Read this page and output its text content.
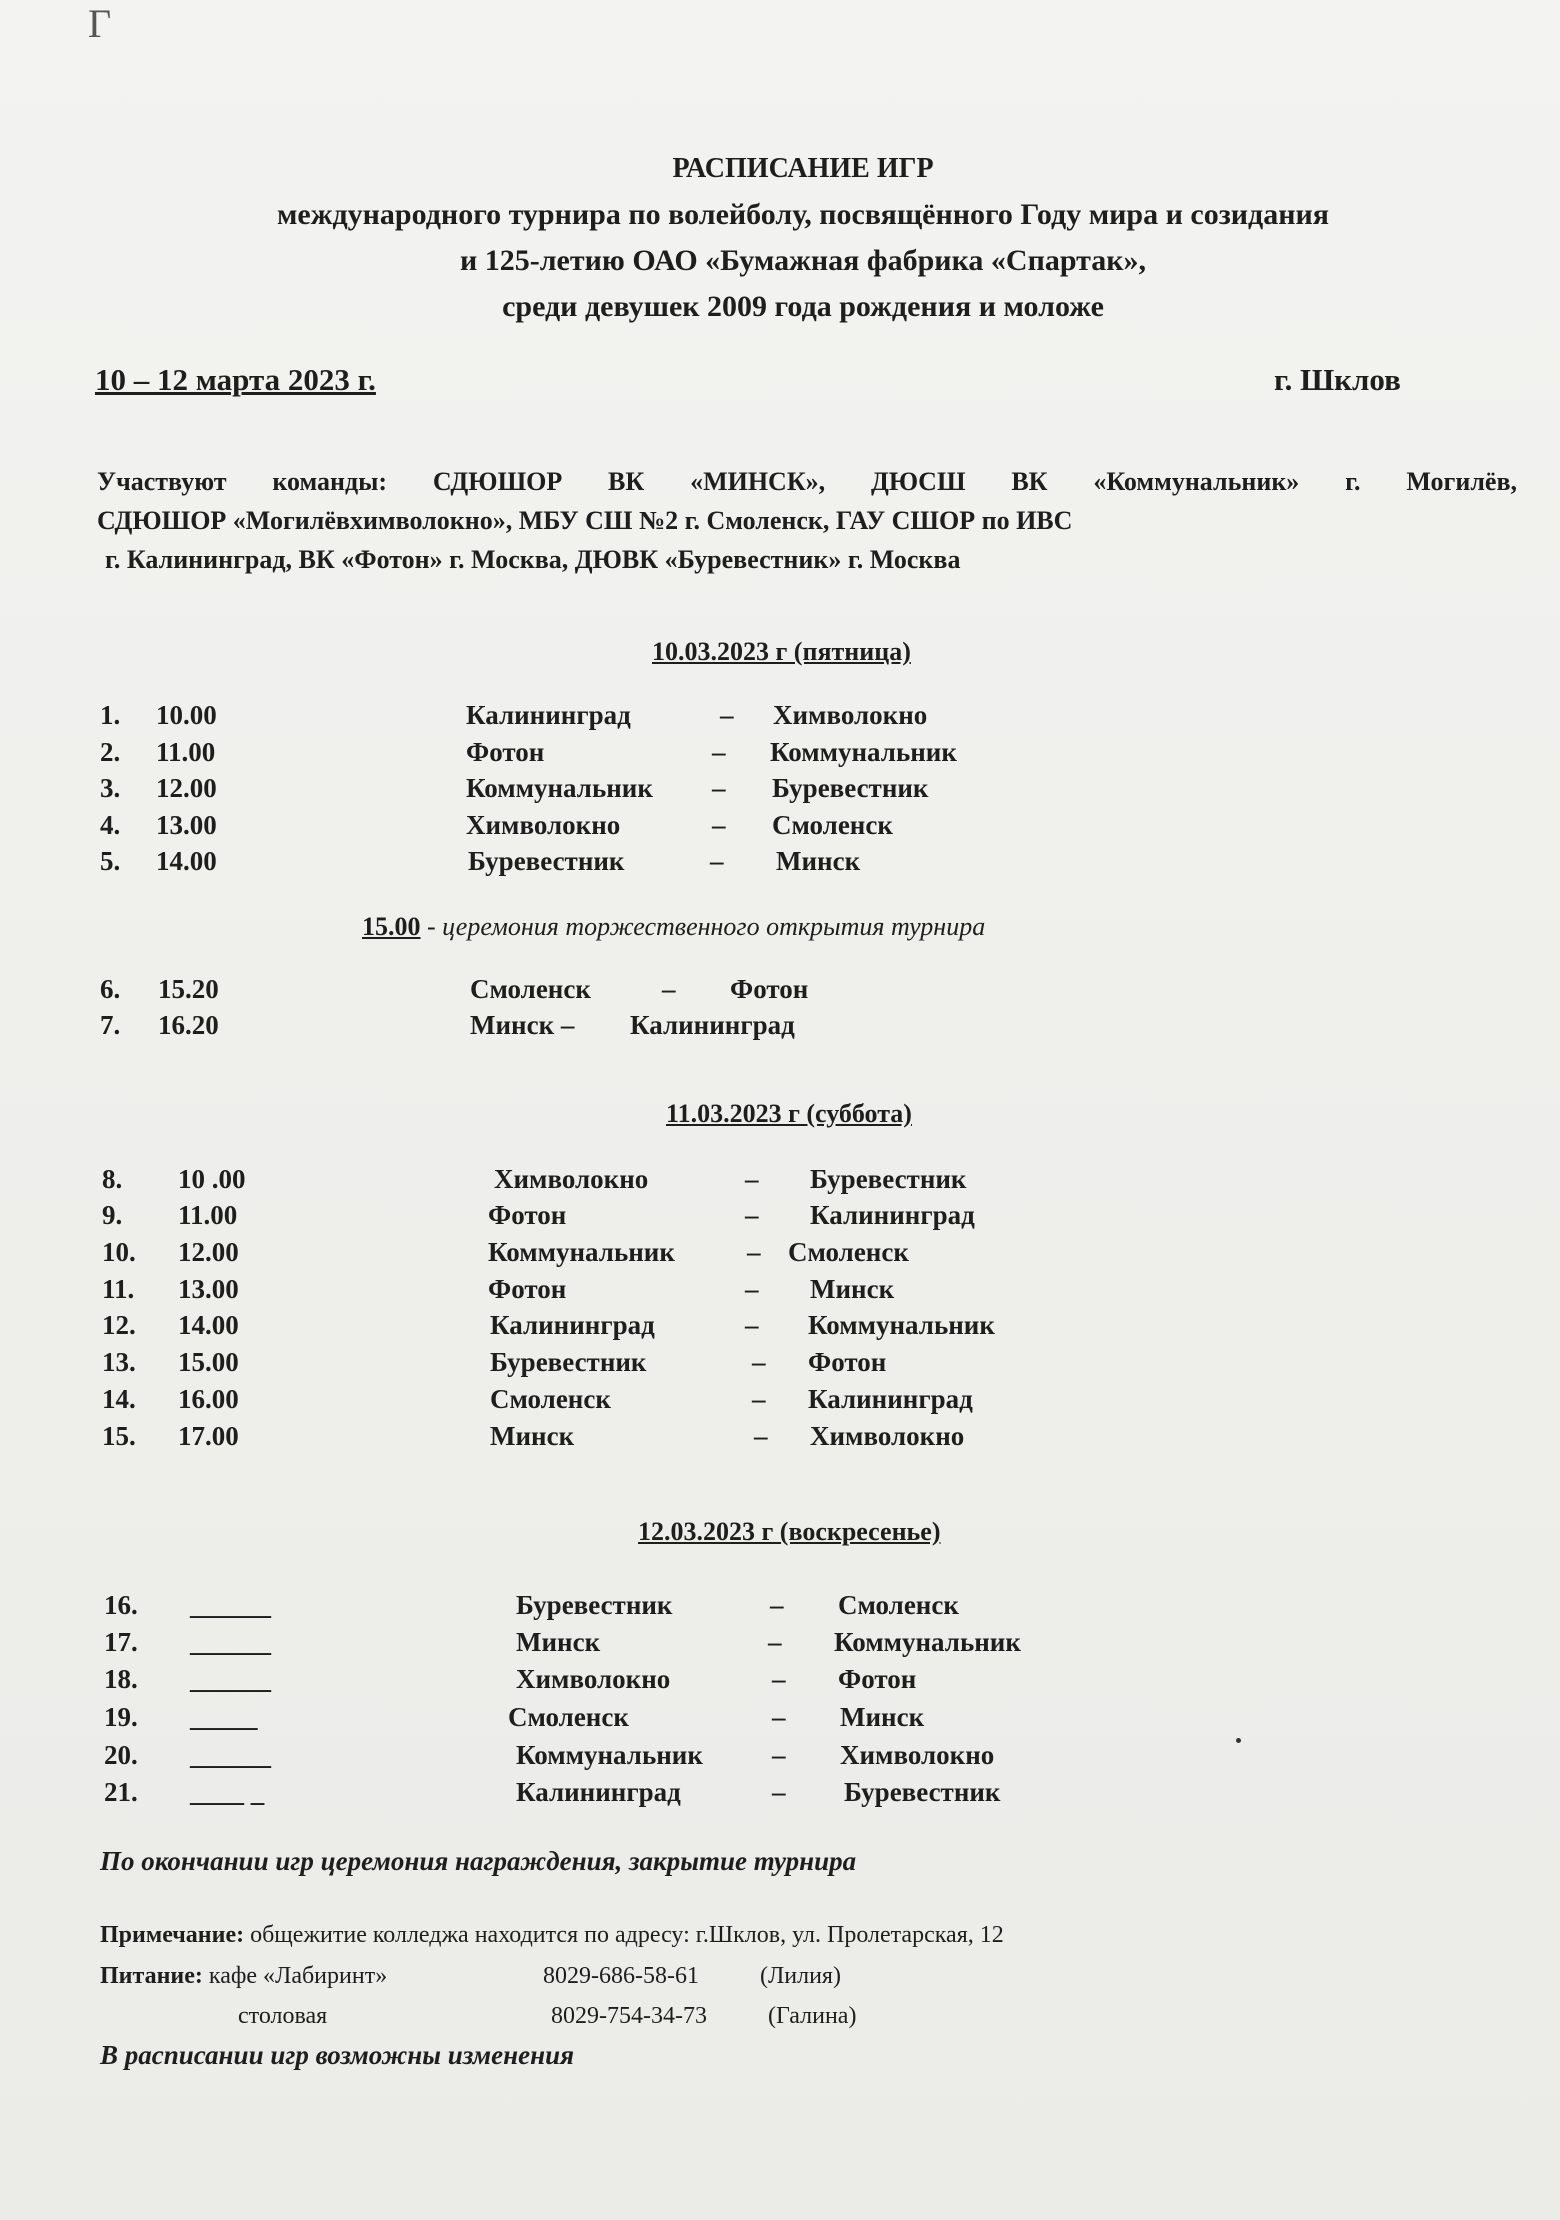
Г
РАСПИСАНИЕ ИГР
международного турнира по волейболу, посвящённого Году мира и созидания
и 125-летию ОАО «Бумажная фабрика «Спартак»,
среди девушек 2009 года рождения и моложе
10 – 12 марта 2023 г.	г. Шклов

Участвуют команды: СДЮШОР ВК «МИНСК», ДЮСШ ВК «Коммунальник» г. Могилёв,

СДЮШОР «Могилёвхимволокно», МБУ СШ №2 г. Смоленск, ГАУ СШОР по ИВС

г. Калининград, ВК «Фотон» г. Москва, ДЮВК «Буревестник» г. Москва

10.03.2023 г (пятница)
1. 10.00	Калининград	– Химволокно
2. 11.00	Фотон	– Коммунальник
3. 12.00	Коммунальник – Буревестник
4. 13.00	Химволокно	– Смоленск
5. 14.00	Буревестник	– Минск
15.00 - церемония торжественного открытия турнира
6. 15.20	Смоленск	– Фотон
7. 16.20	Минск – Калининград
11.03.2023 г (суббота)
8. 10 .00	Химволокно	– Буревестник
9. 11.00	Фотон	– Калининград
10. 12.00	Коммунальник	– Смоленск
11. 13.00	Фотон	– Минск
12. 14.00	Калининград	– Коммунальник
13. 15.00	Буревестник	– Фотон
14. 16.00	Смоленск	– Калининград
15. 17.00	Минск	– Химволокно
12.03.2023 г (воскресенье)
16. ______	Буревестник	– Смоленск
17. ______	Минск	– Коммунальник
18. ______	Химволокно	– Фотон
19. _____	Смоленск	– Минск
20. ______	Коммунальник	– Химволокно
21. ____ _	Калининград	– Буревестник
По окончании игр церемония награждения, закрытие турнира
Примечание: общежитие колледжа находится по адресу: г.Шклов, ул. Пролетарская, 12
Питание: кафе «Лабиринт»	8029-686-58-61	(Лилия)
столовая	8029-754-34-73	(Галина)
В расписании игр возможны изменения
